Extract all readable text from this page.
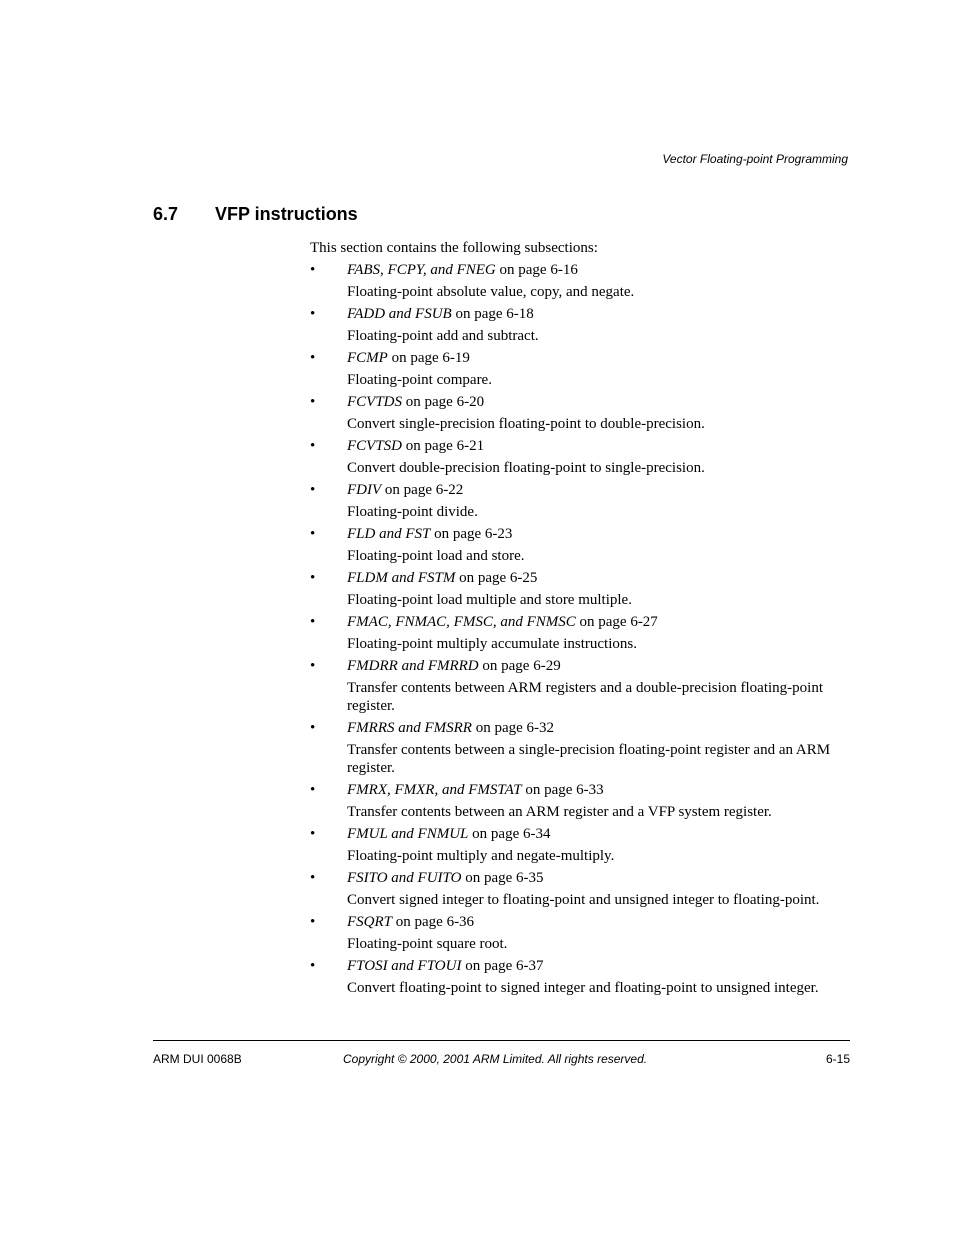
Vector Floating-point Programming
6.7 VFP instructions

This section contains the following subsections:

• FABS, FCPY, and FNEG on page 6-16
Floating-point absolute value, copy, and negate.
• FADD and FSUB on page 6-18
Floating-point add and subtract.
• FCMP on page 6-19
Floating-point compare.
• FCVTDS on page 6-20
Convert single-precision floating-point to double-precision.
• FCVTSD on page 6-21
Convert double-precision floating-point to single-precision.
• FDIV on page 6-22
Floating-point divide.
• FLD and FST on page 6-23
Floating-point load and store.
• FLDM and FSTM on page 6-25
Floating-point load multiple and store multiple.
• FMAC, FNMAC, FMSC, and FNMSC on page 6-27
Floating-point multiply accumulate instructions.
• FMDRR and FMRRD on page 6-29
Transfer contents between ARM registers and a double-precision floating-point register.
• FMRRS and FMSRR on page 6-32
Transfer contents between a single-precision floating-point register and an ARM register.
• FMRX, FMXR, and FMSTAT on page 6-33
Transfer contents between an ARM register and a VFP system register.
• FMUL and FNMUL on page 6-34
Floating-point multiply and negate-multiply.
• FSITO and FUITO on page 6-35
Convert signed integer to floating-point and unsigned integer to floating-point.
• FSQRT on page 6-36
Floating-point square root.
• FTOSI and FTOUI on page 6-37
Convert floating-point to signed integer and floating-point to unsigned integer.
ARM DUI 0068B	Copyright © 2000, 2001 ARM Limited. All rights reserved.	6-15
